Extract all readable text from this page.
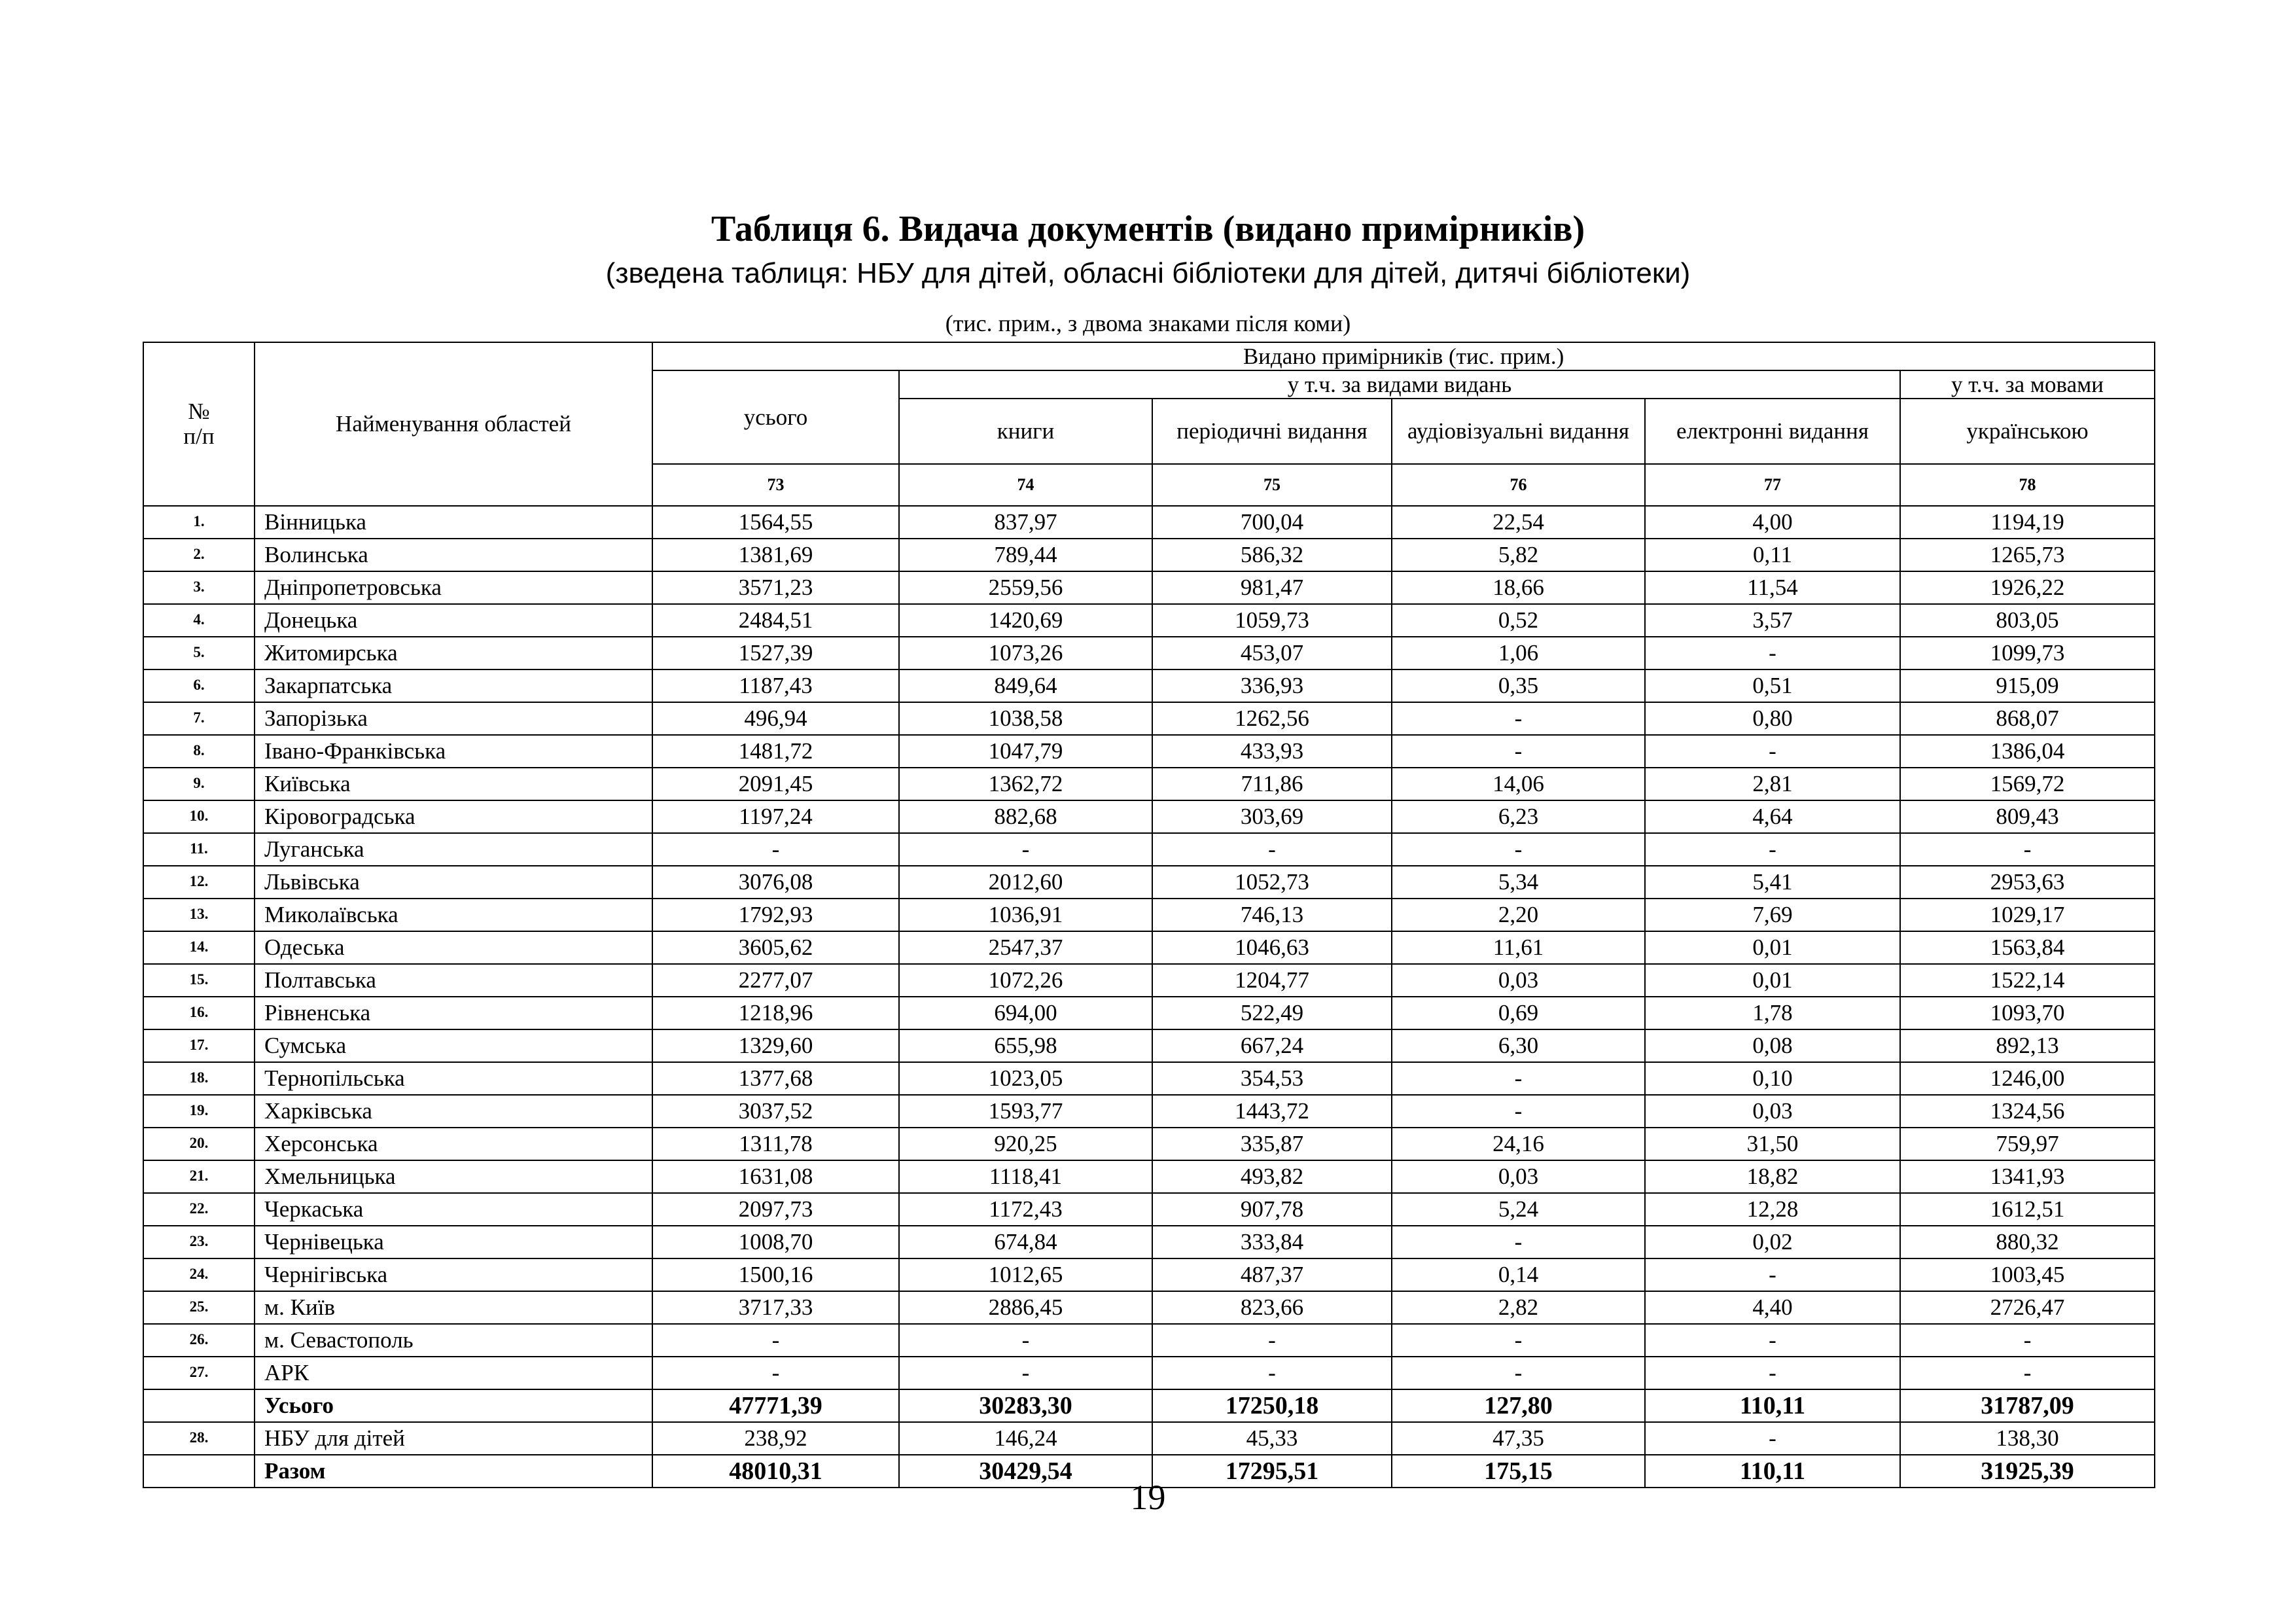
Таблиця 6. Видача документів (видано примірників)
(зведена таблиця: НБУ для дітей, обласні бібліотеки для дітей, дитячі бібліотеки)
(тис. прим., з двома знаками після коми)
№
п/п	Найменування областей	Видано примірників (тис. прим.)					
		усього	у т.ч. за видами видань				у т.ч. за мовами
			книги	періодичні видання	аудіовізуальні видання	електронні видання	українською
		73	74	75	76	77	78
1.	Вінницька	1564,55	837,97	700,04	22,54	4,00	1194,19
2.	Волинська	1381,69	789,44	586,32	5,82	0,11	1265,73
3.	Дніпропетровська	3571,23	2559,56	981,47	18,66	11,54	1926,22
4.	Донецька	2484,51	1420,69	1059,73	0,52	3,57	803,05
5.	Житомирська	1527,39	1073,26	453,07	1,06	-	1099,73
6.	Закарпатська	1187,43	849,64	336,93	0,35	0,51	915,09
7.	Запорізька	496,94	1038,58	1262,56	-	0,80	868,07
8.	Івано-Франківська	1481,72	1047,79	433,93	-	-	1386,04
9.	Київська	2091,45	1362,72	711,86	14,06	2,81	1569,72
10.	Кіровоградська	1197,24	882,68	303,69	6,23	4,64	809,43
11.	Луганська	-	-	-	-	-	-
12.	Львівська	3076,08	2012,60	1052,73	5,34	5,41	2953,63
13.	Миколаївська	1792,93	1036,91	746,13	2,20	7,69	1029,17
14.	Одеська	3605,62	2547,37	1046,63	11,61	0,01	1563,84
15.	Полтавська	2277,07	1072,26	1204,77	0,03	0,01	1522,14
16.	Рівненська	1218,96	694,00	522,49	0,69	1,78	1093,70
17.	Сумська	1329,60	655,98	667,24	6,30	0,08	892,13
18.	Тернопільська	1377,68	1023,05	354,53	-	0,10	1246,00
19.	Харківська	3037,52	1593,77	1443,72	-	0,03	1324,56
20.	Херсонська	1311,78	920,25	335,87	24,16	31,50	759,97
21.	Хмельницька	1631,08	1118,41	493,82	0,03	18,82	1341,93
22.	Черкаська	2097,73	1172,43	907,78	5,24	12,28	1612,51
23.	Чернівецька	1008,70	674,84	333,84	-	0,02	880,32
24.	Чернігівська	1500,16	1012,65	487,37	0,14	-	1003,45
25.	м. Київ	3717,33	2886,45	823,66	2,82	4,40	2726,47
26.	м. Севастополь	-	-	-	-	-	-
27.	АРК	-	-	-	-	-	-
	Усього	47771,39	30283,30	17250,18	127,80	110,11	31787,09
28.	НБУ для дітей	238,92	146,24	45,33	47,35	-	138,30
	Разом	48010,31	30429,54	17295,51	175,15	110,11	31925,39
19
